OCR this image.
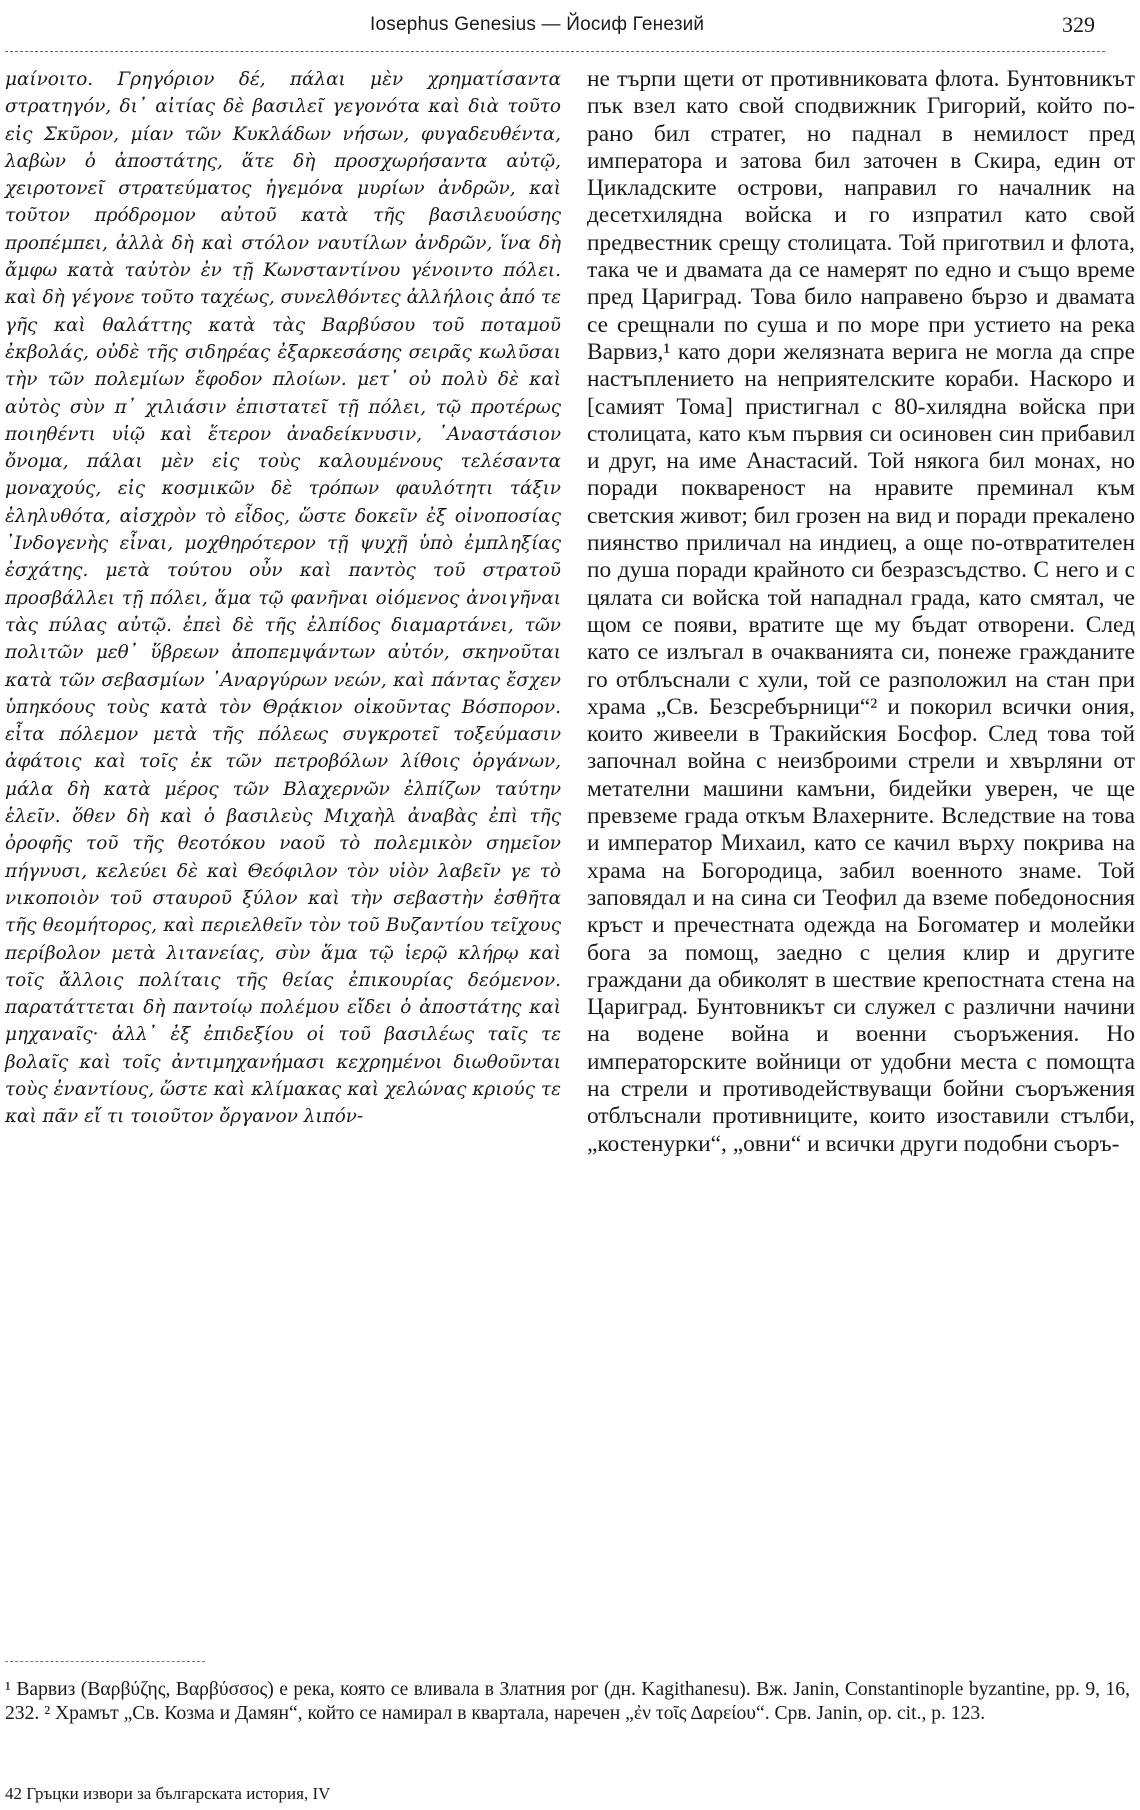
Iosephus Genesius — Йосиф Генезий	329

μαίνοιτο. Γρηγόριον δέ, πάλαι μὲν χρηματίσαντα στρατηγόν, δι᾽ αἰτίας δὲ βασιλεῖ γεγονότα καὶ διὰ τοῦτο εἰς Σκῦρον, μίαν τῶν Κυκλάδων νήσων, φυγαδευθέντα, λαβὼν ὁ ἀποστάτης, ἅτε δὴ προσχωρήσαντα αὐτῷ, χειροτονεῖ στρατεύματος ἡγεμόνα μυρίων ἀνδρῶν, καὶ τοῦτον πρόδρομον αὐτοῦ κατὰ τῆς βασιλευούσης προπέμπει, ἀλλὰ δὴ καὶ στόλον ναυτίλων ἀνδρῶν, ἵνα δὴ ἄμφω κατὰ ταὐτὸν ἐν τῇ Κωνσταντίνου γένοιντο πόλει. καὶ δὴ γέγονε τοῦτο ταχέως, συνελθόντες ἀλλήλοις ἀπό τε γῆς καὶ θαλάττης κατὰ τὰς Βαρβύσου τοῦ ποταμοῦ ἐκβολάς, οὐδὲ τῆς σιδηρέας ἐξαρκεσάσης σειρᾶς κωλῦσαι τὴν τῶν πολεμίων ἔφοδον πλοίων. μετ᾽ οὐ πολὺ δὲ καὶ αὐτὸς σὺν π᾽ χιλιάσιν ἐπιστατεῖ τῇ πόλει, τῷ προτέρως ποιηθέντι υἱῷ καὶ ἕτερον ἀναδείκνυσιν, ᾽Αναστάσιον ὄνομα, πάλαι μὲν εἰς τοὺς καλουμένους τελέσαντα μοναχούς, εἰς κοσμικῶν δὲ τρόπων φαυλότητι τάξιν ἐληλυθότα, αἰσχρὸν τὸ εἶδος, ὥστε δοκεῖν ἐξ οἰνοποσίας ᾽Ινδογενὴς εἶναι, μοχθηρότερον τῇ ψυχῇ ὑπὸ ἐμπληξίας ἐσχάτης. μετὰ τούτου οὖν καὶ παντὸς τοῦ στρατοῦ προσβάλλει τῇ πόλει, ἅμα τῷ φανῆναι οἰόμενος ἀνοιγῆναι τὰς πύλας αὐτῷ. ἐπεὶ δὲ τῆς ἐλπίδος διαμαρτάνει, τῶν πολιτῶν μεθ᾽ ὕβρεων ἀποπεμψάντων αὐτόν, σκηνοῦται κατὰ τῶν σεβασμίων ᾽Αναργύρων νεών, καὶ πάντας ἔσχεν ὑπηκόους τοὺς κατὰ τὸν Θρᾴκιον οἰκοῦντας Βόσπορον. εἶτα πόλεμον μετὰ τῆς πόλεως συγκροτεῖ τοξεύμασιν ἀφάτοις καὶ τοῖς ἐκ τῶν πετροβόλων λίθοις ὀργάνων, μάλα δὴ κατὰ μέρος τῶν Βλαχερνῶν ἐλπίζων ταύτην ἑλεῖν. ὅθεν δὴ καὶ ὁ βασιλεὺς Μιχαὴλ ἀναβὰς ἐπὶ τῆς ὀροφῆς τοῦ τῆς θεοτόκου ναοῦ τὸ πολεμικὸν σημεῖον πήγνυσι, κελεύει δὲ καὶ Θεόφιλον τὸν υἱὸν λαβεῖν γε τὸ νικοποιὸν τοῦ σταυροῦ ξύλον καὶ τὴν σεβαστὴν ἐσθῆτα τῆς θεομήτορος, καὶ περιελθεῖν τὸν τοῦ Βυζαντίου τεῖχους περίβολον μετὰ λιτανείας, σὺν ἅμα τῷ ἱερῷ κλήρῳ καὶ τοῖς ἄλλοις πολίταις τῆς θείας ἐπικουρίας δεόμενον. παρατάττεται δὴ παντοίῳ πολέμου εἴδει ὁ ἀποστάτης καὶ μηχαναῖς· ἀλλ᾽ ἐξ ἐπιδεξίου οἱ τοῦ βασιλέως ταῖς τε βολαῖς καὶ τοῖς ἀντιμηχανήμασι κεχρημένοι διωθοῦνται τοὺς ἐναντίους, ὥστε καὶ κλίμακας καὶ χελώνας κριούς τε καὶ πᾶν εἴ τι τοιοῦτον ὄργανον λιπόν-

не търпи щети от противниковата флота. Бунтовникът пък взел като свой сподвижник Григорий, който по-рано бил стратег, но паднал в немилост пред императора и затова бил заточен в Скира, един от Цикладските острови, направил го началник на десетхилядна войска и го изпратил като свой предвестник срещу столицата. Той приготвил и флота, така че и двамата да се намерят по едно и също време пред Цариград. Това било направено бързо и двамата се срещнали по суша и по море при устието на река Варвиз,¹ като дори желязната верига не могла да спре настъплението на неприятелските кораби. Наскоро и [самият Тома] пристигнал с 80-хилядна войска при столицата, като към първия си осиновен син прибавил и друг, на име Анастасий. Той някога бил монах, но поради поквареност на нравите преминал към светския живот; бил грозен на вид и поради прекалено пиянство приличал на индиец, а още по-отвратителен по душа поради крайното си безразсъдство. С него и с цялата си войска той нападнал града, като смятал, че щом се появи, вратите ще му бъдат отворени. След като се излъгал в очакванията си, понеже гражданите го отблъснали с хули, той се разположил на стан при храма „Св. Безсребърници“² и покорил всички ония, които живеели в Тракийския Босфор. След това той започнал война с неизброими стрели и хвърляни от метателни машини камъни, бидейки уверен, че ще превземе града откъм Влахерните. Вследствие на това и император Михаил, като се качил върху покрива на храма на Богородица, забил военното знаме. Той заповядал и на сина си Теофил да вземе победоносния кръст и пречестната одежда на Богоматер и молейки бога за помощ, заедно с целия клир и другите граждани да обиколят в шествие крепостната стена на Цариград. Бунтовникът си служел с различни начини на водене война и военни съоръжения. Но императорските войници от удобни места с помощта на стрели и противодействуващи бойни съоръжения отблъснали противниците, които изоставили стълби, „костенурки“, „овни“ и всички други подобни съоръ-

¹ Варвиз (Βαρβύζης, Βαρβύσσος) е река, която се вливала в Златния рог (дн. Kagithanesu). Вж. Janin, Constantinople byzantine, pp. 9, 16, 232. ² Храмът „Св. Козма и Дамян“, който се намирал в квартала, наречен „ἐν τοῖς Δαρείου“. Срв. Janin, op. cit., p. 123.

42 Гръцки извори за българската история, IV
